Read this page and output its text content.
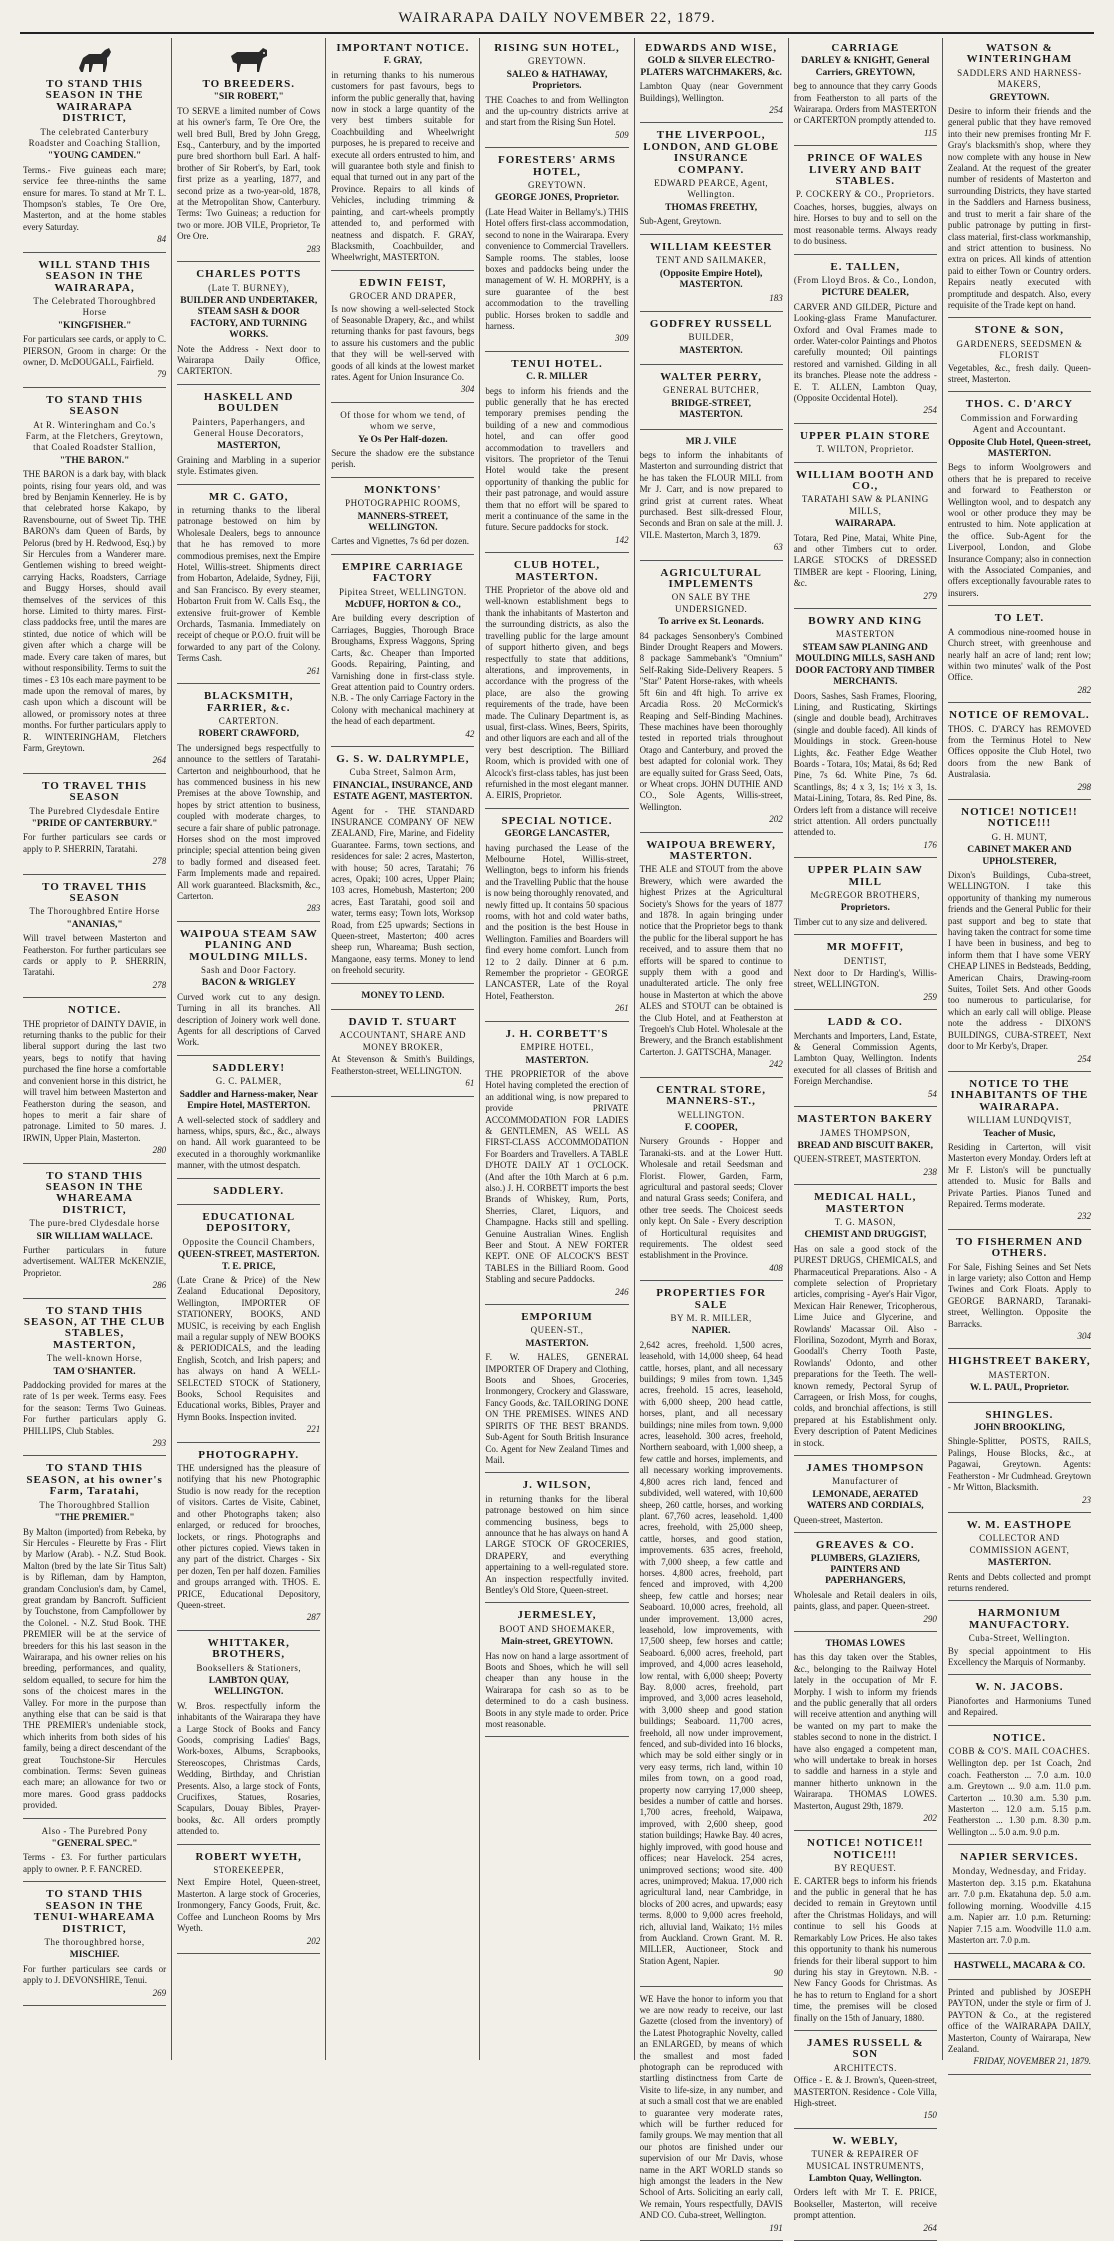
WAIRARAPA DAILY NOVEMBER 22, 1879.
TO STAND THIS SEASON IN THE WAIRARAPA DISTRICT,
The celebrated Canterbury Roadster and Coaching Stallion,
"YOUNG CAMDEN."
Terms.- Five guineas each mare; service fee three-ninths the same ensure for mares. To stand at Mr T. L. Thompson's stables, Te Ore Ore, Masterton, and at the home stables every Saturday.
84
WILL STAND THIS SEASON IN THE WAIRARAPA,
The Celebrated Thoroughbred Horse
"KINGFISHER."
For particulars see cards, or apply to C. PIERSON, Groom in charge: Or the owner, D. McDOUGALL, Fairfield.
79
TO STAND THIS SEASON
At R. Winteringham and Co.'s Farm, at the Fletchers, Greytown, that Coaled Roadster Stallion,
"THE BARON."
THE BARON is a dark bay, with black points, rising four years old, and was bred by Benjamin Kennerley. He is by that celebrated horse Kakapo, by Ravensbourne, out of Sweet Tip. THE BARON's dam Queen of Bards, by Pelorus (bred by H. Redwood, Esq.) by Sir Hercules from a Wanderer mare. Gentlemen wishing to breed weight-carrying Hacks, Roadsters, Carriage and Buggy Horses, should avail themselves of the services of this horse. Limited to thirty mares. First-class paddocks free, until the mares are stinted, due notice of which will be given after which a charge will be made. Every care taken of mares, but without responsibility. Terms to suit the times - £3 10s each mare payment to be made upon the removal of mares, by cash upon which a discount will be allowed, or promissory notes at three months. For further particulars apply to R. WINTERINGHAM, Fletchers Farm, Greytown.
264
TO TRAVEL THIS SEASON
The Purebred Clydesdale Entire
"PRIDE OF CANTERBURY."
For further particulars see cards or apply to P. SHERRIN, Taratahi.
278
TO TRAVEL THIS SEASON
The Thoroughbred Entire Horse
"ANANIAS,"
Will travel between Masterton and Featherston. For further particulars see cards or apply to P. SHERRIN, Taratahi.
278
NOTICE.
THE proprietor of DAINTY DAVIE, in returning thanks to the public for their liberal support during the last two years, begs to notify that having purchased the fine horse a comfortable and convenient horse in this district, he will travel him between Masterton and Featherston during the season, and hopes to merit a fair share of patronage. Limited to 50 mares. J. IRWIN, Upper Plain, Masterton.
280
TO STAND THIS SEASON IN THE WHAREAMA DISTRICT,
The pure-bred Clydesdale horse
SIR WILLIAM WALLACE.
Further particulars in future advertisement. WALTER McKENZIE, Proprietor.
286
TO STAND THIS SEASON, AT THE CLUB STABLES, MASTERTON,
The well-known Horse,
TAM O'SHANTER.
Paddocking provided for mares at the rate of 1s per week. Terms easy. Fees for the season: Terms Two Guineas. For further particulars apply G. PHILLIPS, Club Stables.
293
TO STAND THIS SEASON, at his owner's Farm, Taratahi,
The Thoroughbred Stallion
"THE PREMIER."
By Malton (imported) from Rebeka, by Sir Hercules - Fleurette by Fras - Flirt by Marlow (Arab). - N.Z. Stud Book. Malton (bred by the late Sir Titus Salt) is by Rifleman, dam by Hampton, grandam Conclusion's dam, by Camel, great grandam by Bancroft. Sufficient by Touchstone, from Campfollower by the Colonel. - N.Z. Stud Book. THE PREMIER will be at the service of breeders for this his last season in the Wairarapa, and his owner relies on his breeding, performances, and quality, seldom equalled, to secure for him the sons of the choicest mares in the Valley. For more in the purpose than anything else that can be said is that THE PREMIER's undeniable stock, which inherits from both sides of his family, being a direct descendant of the great Touchstone-Sir Hercules combination. Terms: Seven guineas each mare; an allowance for two or more mares. Good grass paddocks provided.
Also - The Purebred Pony
"GENERAL SPEC."
Terms - £3. For further particulars apply to owner. P. F. FANCRED.
TO STAND THIS SEASON IN THE TENUI-WHAREAMA DISTRICT,
The thoroughbred horse,
MISCHIEF.
For further particulars see cards or apply to J. DEVONSHIRE, Tenui.
269
TO BREEDERS.
"SIR ROBERT,"
TO SERVE a limited number of Cows at his owner's farm, Te Ore Ore, the well bred Bull, Bred by John Gregg, Esq., Canterbury, and by the imported pure bred shorthorn bull Earl. A half-brother of Sir Robert's, by Earl, took first prize as a yearling, 1877, and second prize as a two-year-old, 1878, at the Metropolitan Show, Canterbury. Terms: Two Guineas; a reduction for two or more. JOB VILE, Proprietor, Te Ore Ore.
283
CHARLES POTTS
(Late T. BURNEY),
BUILDER AND UNDERTAKER, STEAM SASH & DOOR FACTORY, AND TURNING WORKS.
Note the Address - Next door to Wairarapa Daily Office, CARTERTON.
HASKELL AND BOULDEN
Painters, Paperhangers, and General House Decorators,
MASTERTON,
Graining and Marbling in a superior style. Estimates given.
MR C. GATO,
in returning thanks to the liberal patronage bestowed on him by Wholesale Dealers, begs to announce that he has removed to more commodious premises, next the Empire Hotel, Willis-street. Shipments direct from Hobarton, Adelaide, Sydney, Fiji, and San Francisco. By every steamer, Hobarton Fruit from W. Calls Esq., the extensive fruit-grower of Kemble Orchards, Tasmania. Immediately on receipt of cheque or P.O.O. fruit will be forwarded to any part of the Colony. Terms Cash.
261
BLACKSMITH, FARRIER, &c.
CARTERTON.
ROBERT CRAWFORD,
The undersigned begs respectfully to announce to the settlers of Taratahi-Carterton and neighbourhood, that he has commenced business in his new Premises at the above Township, and hopes by strict attention to business, coupled with moderate charges, to secure a fair share of public patronage. Horses shod on the most improved principle; special attention being given to badly formed and diseased feet. Farm Implements made and repaired. All work guaranteed. Blacksmith, &c., Carterton.
283
WAIPOUA STEAM SAW PLANING AND MOULDING MILLS.
Sash and Door Factory.
BACON & WRIGLEY
Curved work cut to any design. Turning in all its branches. All description of Joinery work well done. Agents for all descriptions of Carved Work.
SADDLERY!
G. C. PALMER,
Saddler and Harness-maker, Near Empire Hotel, MASTERTON.
A well-selected stock of saddlery and harness, whips, spurs, &c., &c., always on hand. All work guaranteed to be executed in a thoroughly workmanlike manner, with the utmost despatch.
SADDLERY.
EDUCATIONAL DEPOSITORY,
Opposite the Council Chambers,
QUEEN-STREET, MASTERTON. T. E. PRICE,
(Late Crane & Price) of the New Zealand Educational Depository, Wellington, IMPORTER OF STATIONERY, BOOKS, AND MUSIC, is receiving by each English mail a regular supply of NEW BOOKS & PERIODICALS, and the leading English, Scotch, and Irish papers; and has always on hand A WELL-SELECTED STOCK of Stationery, Books, School Requisites and Educational works, Bibles, Prayer and Hymn Books. Inspection invited.
221
PHOTOGRAPHY.
THE undersigned has the pleasure of notifying that his new Photographic Studio is now ready for the reception of visitors. Cartes de Visite, Cabinet, and other Photographs taken; also enlarged, or reduced for brooches, lockets, or rings. Photographs and other pictures copied. Views taken in any part of the district. Charges - Six per dozen, Ten per half dozen. Families and groups arranged with. THOS. E. PRICE, Educational Depository, Queen-street.
287
WHITTAKER, BROTHERS,
Booksellers & Stationers,
LAMBTON QUAY, WELLINGTON.
W. Bros. respectfully inform the inhabitants of the Wairarapa they have a Large Stock of Books and Fancy Goods, comprising Ladies' Bags, Work-boxes, Albums, Scrapbooks, Stereoscopes, Christmas Cards, Wedding, Birthday, and Christian Presents. Also, a large stock of Fonts, Crucifixes, Statues, Rosaries, Scapulars, Douay Bibles, Prayer-books, &c. All orders promptly attended to.
ROBERT WYETH,
STOREKEEPER,
Next Empire Hotel, Queen-street, Masterton. A large stock of Groceries, Ironmongery, Fancy Goods, Fruit, &c. Coffee and Luncheon Rooms by Mrs Wyeth.
202
IMPORTANT NOTICE.
F. GRAY,
in returning thanks to his numerous customers for past favours, begs to inform the public generally that, having now in stock a large quantity of the very best timbers suitable for Coachbuilding and Wheelwright purposes, he is prepared to receive and execute all orders entrusted to him, and will guarantee both style and finish to equal that turned out in any part of the Province. Repairs to all kinds of Vehicles, including trimming & painting, and cart-wheels promptly attended to, and performed with neatness and dispatch. F. GRAY, Blacksmith, Coachbuilder, and Wheelwright, MASTERTON.
EDWIN FEIST,
GROCER AND DRAPER,
Is now showing a well-selected Stock of Seasonable Drapery, &c., and whilst returning thanks for past favours, begs to assure his customers and the public that they will be well-served with goods of all kinds at the lowest market rates. Agent for Union Insurance Co.
304
Of those for whom we tend, of whom we serve,
Ye Os Per Half-dozen.
Secure the shadow ere the substance perish.
MONKTONS'
PHOTOGRAPHIC ROOMS,
MANNERS-STREET, WELLINGTON.
Cartes and Vignettes, 7s 6d per dozen.
EMPIRE CARRIAGE FACTORY
Pipitea Street, WELLINGTON.
McDUFF, HORTON & CO.,
Are building every description of Carriages, Buggies, Thorough Brace Broughams, Express Waggons, Spring Carts, &c. Cheaper than Imported Goods. Repairing, Painting, and Varnishing done in first-class style. Great attention paid to Country orders. N.B. - The only Carriage Factory in the Colony with mechanical machinery at the head of each department.
42
G. S. W. DALRYMPLE,
Cuba Street, Salmon Arm,
FINANCIAL, INSURANCE, AND ESTATE AGENT, MASTERTON.
Agent for - THE STANDARD INSURANCE COMPANY OF NEW ZEALAND, Fire, Marine, and Fidelity Guarantee. Farms, town sections, and residences for sale: 2 acres, Masterton, with house; 50 acres, Taratahi; 76 acres, Opaki; 100 acres, Upper Plain; 103 acres, Homebush, Masterton; 200 acres, East Taratahi, good soil and water, terms easy; Town lots, Worksop Road, from £25 upwards; Sections in Queen-street, Masterton; 400 acres sheep run, Whareama; Bush section, Mangaone, easy terms. Money to lend on freehold security.
MONEY TO LEND.
DAVID T. STUART
ACCOUNTANT, SHARE AND MONEY BROKER,
At Stevenson & Smith's Buildings, Featherston-street, WELLINGTON.
61
RISING SUN HOTEL,
GREYTOWN.
SALEO & HATHAWAY, Proprietors.
THE Coaches to and from Wellington and the up-country districts arrive at and start from the Rising Sun Hotel.
509
FORESTERS' ARMS HOTEL,
GREYTOWN.
GEORGE JONES, Proprietor.
(Late Head Waiter in Bellamy's.) THIS Hotel offers first-class accommodation, second to none in the Wairarapa. Every convenience to Commercial Travellers. Sample rooms. The stables, loose boxes and paddocks being under the management of W. H. MORPHY, is a sure guarantee of the best accommodation to the travelling public. Horses broken to saddle and harness.
309
TENUI HOTEL.
C. R. MILLER
begs to inform his friends and the public generally that he has erected temporary premises pending the building of a new and commodious hotel, and can offer good accommodation to travellers and visitors. The proprietor of the Tenui Hotel would take the present opportunity of thanking the public for their past patronage, and would assure them that no effort will be spared to merit a continuance of the same in the future. Secure paddocks for stock.
142
CLUB HOTEL, MASTERTON.
THE Proprietor of the above old and well-known establishment begs to thank the inhabitants of Masterton and the surrounding districts, as also the travelling public for the large amount of support hitherto given, and begs respectfully to state that additions, alterations, and improvements, in accordance with the progress of the place, are also the growing requirements of the trade, have been made. The Culinary Department is, as usual, first-class. Wines, Beers, Spirits, and other liquors are each and all of the very best description. The Billiard Room, which is provided with one of Alcock's first-class tables, has just been refurnished in the most elegant manner. A. EIRIS, Proprietor.
SPECIAL NOTICE.
GEORGE LANCASTER,
having purchased the Lease of the Melbourne Hotel, Willis-street, Wellington, begs to inform his friends and the Travelling Public that the house is now being thoroughly renovated, and newly fitted up. It contains 50 spacious rooms, with hot and cold water baths, and the position is the best House in Wellington. Families and Boarders will find every home comfort. Lunch from 12 to 2 daily. Dinner at 6 p.m. Remember the proprietor - GEORGE LANCASTER, Late of the Royal Hotel, Featherston.
261
J. H. CORBETT'S
EMPIRE HOTEL,
MASTERTON.
THE PROPRIETOR of the above Hotel having completed the erection of an additional wing, is now prepared to provide PRIVATE ACCOMMODATION FOR LADIES & GENTLEMEN, AS WELL AS FIRST-CLASS ACCOMMODATION For Boarders and Travellers. A TABLE D'HOTE DAILY AT 1 O'CLOCK. (And after the 10th March at 6 p.m. also.) J. H. CORBETT imports the best Brands of Whiskey, Rum, Ports, Sherries, Claret, Liquors, and Champagne. Hacks still and spelling. Genuine Australian Wines. English Beer and Stout. A NEW FORTER KEPT. ONE OF ALCOCK'S BEST TABLES in the Billiard Room. Good Stabling and secure Paddocks.
246
EMPORIUM
QUEEN-ST.,
MASTERTON.
F. W. HALES, GENERAL IMPORTER OF Drapery and Clothing, Boots and Shoes, Groceries, Ironmongery, Crockery and Glassware, Fancy Goods, &c. TAILORING DONE ON THE PREMISES. WINES AND SPIRITS OF THE BEST BRANDS. Sub-Agent for South British Insurance Co. Agent for New Zealand Times and Mail.
J. WILSON,
in returning thanks for the liberal patronage bestowed on him since commencing business, begs to announce that he has always on hand A LARGE STOCK OF GROCERIES, DRAPERY, and everything appertaining to a well-regulated store. An inspection respectfully invited. Bentley's Old Store, Queen-street.
JERMESLEY,
BOOT AND SHOEMAKER,
Main-street, GREYTOWN.
Has now on hand a large assortment of Boots and Shoes, which he will sell cheaper than any house in the Wairarapa for cash so as to be determined to do a cash business. Boots in any style made to order. Price most reasonable.
EDWARDS AND WISE,
GOLD & SILVER ELECTRO-PLATERS WATCHMAKERS, &c.
Lambton Quay (near Government Buildings), Wellington.
254
THE LIVERPOOL, LONDON, AND GLOBE INSURANCE COMPANY.
EDWARD PEARCE, Agent, Wellington.
THOMAS FREETHY,
Sub-Agent, Greytown.
WILLIAM KEESTER
TENT AND SAILMAKER,
(Opposite Empire Hotel), MASTERTON.
183
GODFREY RUSSELL
BUILDER,
MASTERTON.
WALTER PERRY,
GENERAL BUTCHER,
BRIDGE-STREET, MASTERTON.
MR J. VILE
begs to inform the inhabitants of Masterton and surrounding district that he has taken the FLOUR MILL from Mr J. Carr, and is now prepared to grind grist at current rates. Wheat purchased. Best silk-dressed Flour, Seconds and Bran on sale at the mill. J. VILE. Masterton, March 3, 1879.
63
AGRICULTURAL IMPLEMENTS
ON SALE BY THE UNDERSIGNED.
To arrive ex St. Leonards.
84 packages Sensonbery's Combined Binder Drought Reapers and Mowers. 8 package Sammebank's "Omnium" Self-Raking Side-Delivery Reapers. 5 "Star" Patent Horse-rakes, with wheels 5ft 6in and 4ft high. To arrive ex Arcadia Ross. 20 McCormick's Reaping and Self-Binding Machines. These machines have been thoroughly tested in reported trials throughout Otago and Canterbury, and proved the best adapted for colonial work. They are equally suited for Grass Seed, Oats, or Wheat crops. JOHN DUTHIE AND CO., Sole Agents, Willis-street, Wellington.
202
WAIPOUA BREWERY, MASTERTON.
THE ALE and STOUT from the above Brewery, which were awarded the highest Prizes at the Agricultural Society's Shows for the years of 1877 and 1878. In again bringing under notice that the Proprietor begs to thank the public for the liberal support he has received, and to assure them that no efforts will be spared to continue to supply them with a good and unadulterated article. The only free house in Masterton at which the above ALES and STOUT can be obtained is the Club Hotel, and at Featherston at Tregoeh's Club Hotel. Wholesale at the Brewery, and the Branch establishment Carterton. J. GATTSCHA, Manager.
242
CENTRAL STORE, MANNERS-ST.,
WELLINGTON.
F. COOPER,
Nursery Grounds - Hopper and Taranaki-sts. and at the Lower Hutt. Wholesale and retail Seedsman and Florist. Flower, Garden, Farm, agricultural and pastoral seeds; Clover and natural Grass seeds; Conifera, and other tree seeds. The Choicest seeds only kept. On Sale - Every description of Horticultural requisites and requirements. The oldest seed establishment in the Province.
408
PROPERTIES FOR SALE
BY M. R. MILLER,
NAPIER.
2,642 acres, freehold. 1,500 acres, leasehold, with 14,000 sheep, 64 head cattle, horses, plant, and all necessary buildings; 9 miles from town. 1,345 acres, freehold. 15 acres, leasehold, with 6,000 sheep, 200 head cattle, horses, plant, and all necessary buildings; nine miles from town. 9,000 acres, leasehold. 300 acres, freehold, Northern seaboard, with 1,000 sheep, a few cattle and horses, implements, and all necessary working improvements. 4,800 acres rich land, fenced and subdivided, well watered, with 10,600 sheep, 260 cattle, horses, and working plant. 67,760 acres, leasehold. 1,400 acres, freehold, with 25,000 sheep, cattle, horses, and good station, improvements. 635 acres, freehold, with 7,000 sheep, a few cattle and horses. 4,800 acres, freehold, part fenced and improved, with 4,200 sheep, few cattle and horses; near Seaboard. 10,000 acres, freehold, all under improvement. 13,000 acres, leasehold, low improvements, with 17,500 sheep, few horses and cattle; Seaboard. 6,000 acres, freehold, part improved, and 4,000 acres leasehold, low rental, with 6,000 sheep; Poverty Bay. 8,000 acres, freehold, part improved, and 3,000 acres leasehold, with 3,000 sheep and good station buildings; Seaboard. 11,700 acres, freehold, all now under improvement, fenced, and sub-divided into 16 blocks, which may be sold either singly or in very easy terms, rich land, within 10 miles from town, on a good road, property now carrying 17,000 sheep, besides a number of cattle and horses. 1,700 acres, freehold, Waipawa, improved, with 2,600 sheep, good station buildings; Hawke Bay. 40 acres, highly improved, with good house and offices; near Havelock. 254 acres, unimproved sections; wood site. 400 acres, unimproved; Makua. 17,000 rich agricultural land, near Cambridge, in blocks of 200 acres, and upwards; easy terms. 8,000 to 9,000 acres freehold, rich, alluvial land, Waikato; 1½ miles from Auckland. Crown Grant. M. R. MILLER, Auctioneer, Stock and Station Agent, Napier.
90
WE Have the honor to inform you that we are now ready to receive, our last Gazette (closed from the inventory) of the Latest Photographic Novelty, called an ENLARGED, by means of which the smallest and most faded photograph can be reproduced with startling distinctness from Carte de Visite to life-size, in any number, and at such a small cost that we are enabled to guarantee very moderate rates, which will be further reduced for family groups. We may mention that all our photos are finished under our supervision of our Mr Davis, whose name in the ART WORLD stands so high amongst the leaders in the New School of Arts. Soliciting an early call, We remain, Yours respectfully, DAVIS AND CO. Cuba-street, Wellington.
191
CARRIAGE
DARLEY & KNIGHT, General Carriers, GREYTOWN,
beg to announce that they carry Goods from Featherston to all parts of the Wairarapa. Orders from MASTERTON or CARTERTON promptly attended to.
115
PRINCE OF WALES LIVERY AND BAIT STABLES.
P. COCKERY & CO., Proprietors.
Coaches, horses, buggies, always on hire. Horses to buy and to sell on the most reasonable terms. Always ready to do business.
E. TALLEN,
(From Lloyd Bros. & Co., London,
PICTURE DEALER,
CARVER AND GILDER, Picture and Looking-glass Frame Manufacturer. Oxford and Oval Frames made to order. Water-color Paintings and Photos carefully mounted; Oil paintings restored and varnished. Gilding in all its branches. Please note the address - E. T. ALLEN, Lambton Quay, (Opposite Occidental Hotel).
254
UPPER PLAIN STORE
T. WILTON, Proprietor.
WILLIAM BOOTH AND CO.,
TARATAHI SAW & PLANING MILLS,
WAIRARAPA.
Totara, Red Pine, Matai, White Pine, and other Timbers cut to order. LARGE STOCKS of DRESSED TIMBER are kept - Flooring, Lining, &c.
279
BOWRY AND KING
MASTERTON
STEAM SAW PLANING AND MOULDING MILLS, SASH AND DOOR FACTORY AND TIMBER MERCHANTS.
Doors, Sashes, Sash Frames, Flooring, Lining, and Rusticating, Skirtings (single and double bead), Architraves (single and double faced). All kinds of Mouldings in stock. Green-house Lights, &c. Feather Edge Weather Boards - Totara, 10s; Matai, 8s 6d; Red Pine, 7s 6d. White Pine, 7s 6d. Scantlings, 8s; 4 x 3, 1s; 1½ x 3, 1s. Matai-Lining, Totara, 8s. Red Pine, 8s. Orders left from a distance will receive strict attention. All orders punctually attended to.
176
UPPER PLAIN SAW MILL
McGREGOR BROTHERS,
Proprietors.
Timber cut to any size and delivered.
MR MOFFIT,
DENTIST,
Next door to Dr Harding's, Willis-street, WELLINGTON.
259
LADD & CO.
Merchants and Importers, Land, Estate, & General Commission Agents, Lambton Quay, Wellington. Indents executed for all classes of British and Foreign Merchandise.
54
MASTERTON BAKERY
JAMES THOMPSON,
BREAD AND BISCUIT BAKER,
QUEEN-STREET, MASTERTON.
238
MEDICAL HALL, MASTERTON
T. G. MASON,
CHEMIST AND DRUGGIST,
Has on sale a good stock of the PUREST DRUGS, CHEMICALS, and Pharmaceutical Preparations. Also - A complete selection of Proprietary articles, comprising - Ayer's Hair Vigor, Mexican Hair Renewer, Tricopherous, Lime Juice and Glycerine, and Rowlands' Macassar Oil. Also - Florilina, Sozodont, Myrrh and Borax, Goodall's Cherry Tooth Paste, Rowlands' Odonto, and other preparations for the Teeth. The well-known remedy, Pectoral Syrup of Carrageen, or Irish Moss, for coughs, colds, and bronchial affections, is still prepared at his Establishment only. Every description of Patent Medicines in stock.
JAMES THOMPSON
Manufacturer of
LEMONADE, AERATED WATERS AND CORDIALS,
Queen-street, Masterton.
GREAVES & CO.
PLUMBERS, GLAZIERS, PAINTERS AND PAPERHANGERS,
Wholesale and Retail dealers in oils, paints, glass, and paper. Queen-street.
290
THOMAS LOWES
has this day taken over the Stables, &c., belonging to the Railway Hotel lately in the occupation of Mr F. Morphy. I wish to inform my friends and the public generally that all orders will receive attention and anything will be wanted on my part to make the stables second to none in the district. I have also engaged a competent man, who will undertake to break in horses to saddle and harness in a style and manner hitherto unknown in the Wairarapa. THOMAS LOWES. Masterton, August 29th, 1879.
202
NOTICE! NOTICE!! NOTICE!!!
BY REQUEST.
E. CARTER begs to inform his friends and the public in general that he has decided to remain in Greytown until after the Christmas Holidays, and will continue to sell his Goods at Remarkably Low Prices. He also takes this opportunity to thank his numerous friends for their liberal support to him during his stay in Greytown. N.B. - New Fancy Goods for Christmas. As he has to return to England for a short time, the premises will be closed finally on the 15th of January, 1880.
JAMES RUSSELL & SON
ARCHITECTS.
Office - E. & J. Brown's, Queen-street, MASTERTON. Residence - Cole Villa, High-street.
150
W. WEBLY,
TUNER & REPAIRER OF MUSICAL INSTRUMENTS,
Lambton Quay, Wellington.
Orders left with Mr T. E. PRICE, Bookseller, Masterton, will receive prompt attention.
264
WATSON & WINTERINGHAM
SADDLERS AND HARNESS-MAKERS,
GREYTOWN.
Desire to inform their friends and the general public that they have removed into their new premises fronting Mr F. Gray's blacksmith's shop, where they now complete with any house in New Zealand. At the request of the greater number of residents of Masterton and surrounding Districts, they have started in the Saddlers and Harness business, and trust to merit a fair share of the public patronage by putting in first-class material, first-class workmanship, and strict attention to business. No extra on prices. All kinds of attention paid to either Town or Country orders. Repairs neatly executed with promptitude and despatch. Also, every requisite of the Trade kept on hand.
STONE & SON,
GARDENERS, SEEDSMEN & FLORIST
Vegetables, &c., fresh daily. Queen-street, Masterton.
THOS. C. D'ARCY
Commission and Forwarding Agent and Accountant.
Opposite Club Hotel, Queen-street, MASTERTON.
Begs to inform Woolgrowers and others that he is prepared to receive and forward to Featherston or Wellington wool, and to despatch any wool or other produce they may be entrusted to him. Note application at the office. Sub-Agent for the Liverpool, London, and Globe Insurance Company; also in connection with the Associated Companies, and offers exceptionally favourable rates to insurers.
TO LET.
A commodious nine-roomed house in Church street, with greenhouse and nearly half an acre of land; rent low; within two minutes' walk of the Post Office.
282
NOTICE OF REMOVAL.
THOS. C. D'ARCY has REMOVED from the Terminus Hotel to New Offices opposite the Club Hotel, two doors from the new Bank of Australasia.
298
NOTICE! NOTICE!! NOTICE!!!
G. H. MUNT,
CABINET MAKER AND UPHOLSTERER,
Dixon's Buildings, Cuba-street, WELLINGTON. I take this opportunity of thanking my numerous friends and the General Public for their past support and beg to state that having taken the contract for some time I have been in business, and beg to inform them that I have some VERY CHEAP LINES in Bedsteads, Bedding, American Chairs, Drawing-room Suites, Toilet Sets. And other Goods too numerous to particularise, for which an early call will oblige. Please note the address - DIXON'S BUILDINGS, CUBA-STREET, Next door to Mr Kerby's, Draper.
254
NOTICE TO THE INHABITANTS OF THE WAIRARAPA.
WILLIAM LUNDQVIST,
Teacher of Music,
Residing in Carterton, will visit Masterton every Monday. Orders left at Mr F. Liston's will be punctually attended to. Music for Balls and Private Parties. Pianos Tuned and Repaired. Terms moderate.
232
TO FISHERMEN AND OTHERS.
For Sale, Fishing Seines and Set Nets in large variety; also Cotton and Hemp Twines and Cork Floats. Apply to GEORGE BARNARD, Taranaki-street, Wellington. Opposite the Barracks.
304
HIGHSTREET BAKERY,
MASTERTON.
W. L. PAUL, Proprietor.
SHINGLES.
JOHN BROOKLING,
Shingle-Splitter, POSTS, RAILS, Palings, House Blocks, &c., at Pagawai, Greytown. Agents: Featherston - Mr Cudmhead. Greytown - Mr Witton, Blacksmith.
23
W. M. EASTHOPE
COLLECTOR AND COMMISSION AGENT,
MASTERTON.
Rents and Debts collected and prompt returns rendered.
HARMONIUM MANUFACTORY.
Cuba-Street, Wellington.
By special appointment to His Excellency the Marquis of Normanby.
W. N. JACOBS.
Pianofortes and Harmoniums Tuned and Repaired.
NOTICE.
COBB & CO'S. MAIL COACHES.
Wellington dep. per 1st Coach, 2nd coach. Featherston ... 7.0 a.m. 10.0 a.m. Greytown ... 9.0 a.m. 11.0 p.m. Carterton ... 10.30 a.m. 5.30 p.m. Masterton ... 12.0 a.m. 5.15 p.m. Featherston ... 1.30 p.m. 8.30 p.m. Wellington ... 5.0 a.m. 9.0 p.m.
NAPIER SERVICES.
Monday, Wednesday, and Friday.
Masterton dep. 3.15 p.m. Ekatahuna arr. 7.0 p.m. Ekatahuna dep. 5.0 a.m. following morning. Woodville 4.15 a.m. Napier arr. 1.0 p.m. Returning: Napier 7.15 a.m. Woodville 11.0 a.m. Masterton arr. 7.0 p.m.
HASTWELL, MACARA & CO.
Printed and published by JOSEPH PAYTON, under the style or firm of J. PAYTON & Co., at the registered office of the WAIRARAPA DAILY, Masterton, County of Wairarapa, New Zealand.
FRIDAY, NOVEMBER 21, 1879.
